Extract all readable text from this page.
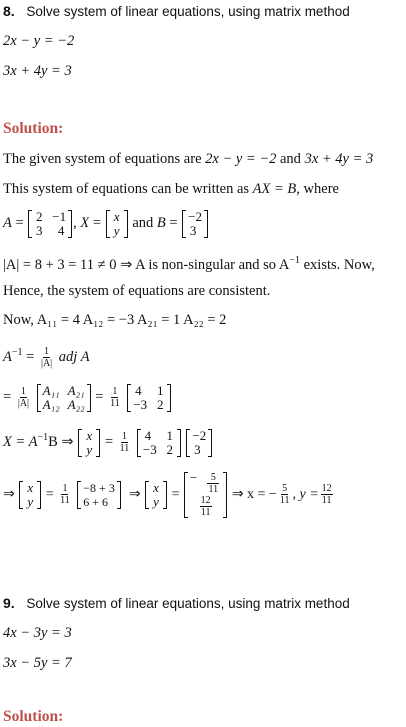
8. Solve system of linear equations, using matrix method
2x − y = −2
3x + 4y = 3
Solution:
The given system of equations are 2x − y = −2 and 3x + 4y = 3
This system of equations can be written as AX = B, where
A = 2 −1
3 4 , X = x
y and B = −2
3
|A| = 8 + 3 = 11 ≠ 0 ⇒ A is non-singular and so $A^{-1}$ exists. Now,
Hence, the system of equations are consistent.
Now, A₁₁ = 4 A₁₂ = −3 A₂₁ = 1 A₂₂ = 2
$A^{-1} = \frac{1}{|A|}$ adj A
= $\frac{1}{|A|}$
A₁₁ A₂₁
A₁₂ $A_{22} = \frac{1}{11}$
4 1
−3 2
$X = A^{-1}B$ ⇒ x
$y = \frac{1}{11}$
4 1
−3 2

−2
3
⇒ x
$y = \frac{1}{11}$
−8 + 3
6 + 6 ⇒ x
y =
− $\frac{5}{11}$
$\frac{12}{11}$
⇒ x = − $\frac{5}{11}$ , $y = \frac{12}{11}$
9. Solve system of linear equations, using matrix method
4x − 3y = 3
3x − 5y = 7
Solution:
